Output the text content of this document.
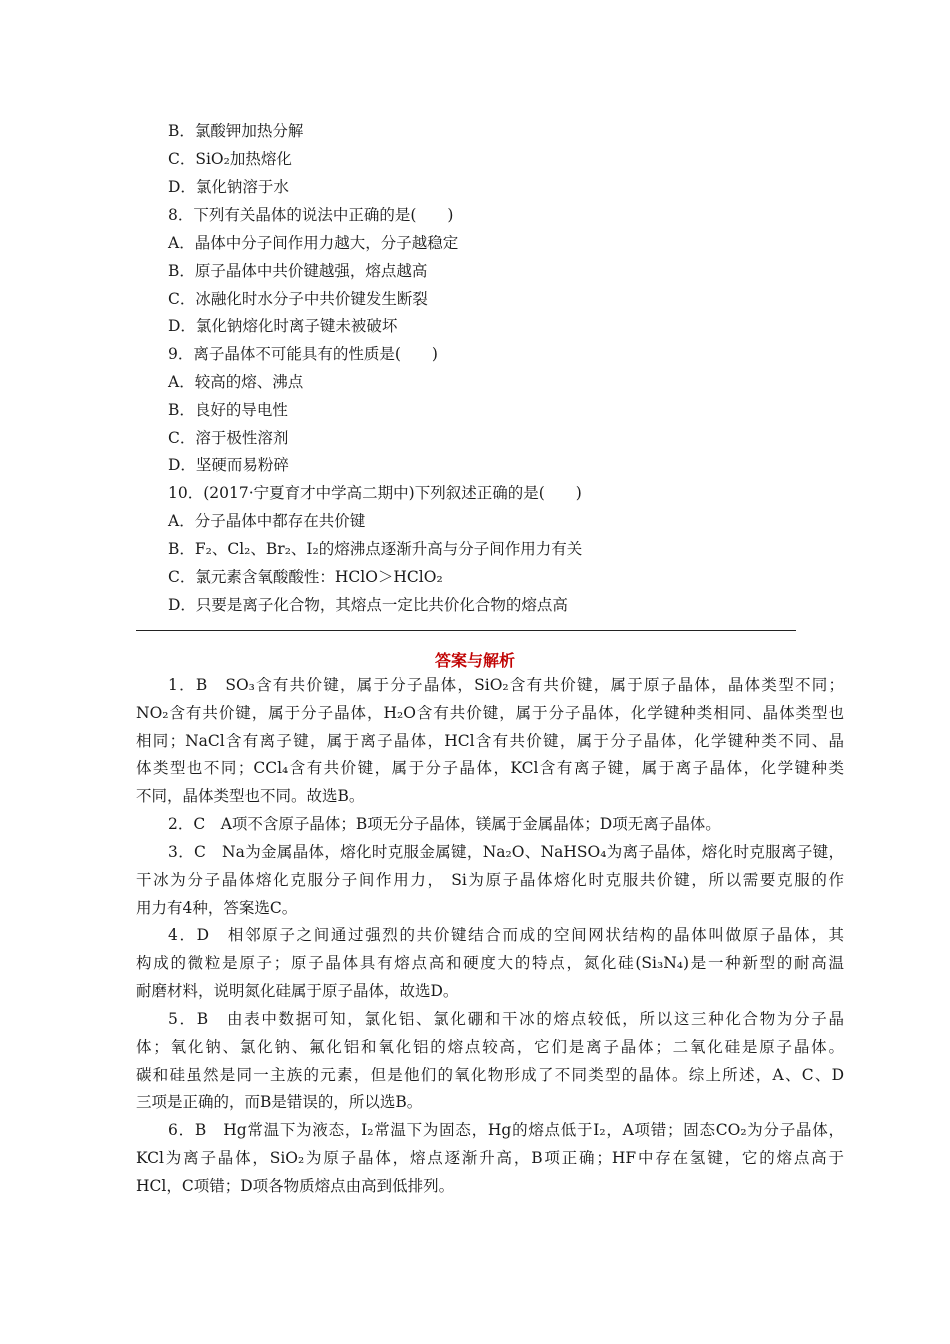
B．氯酸钾加热分解
C．SiO₂加热熔化
D．氯化钠溶于水
8．下列有关晶体的说法中正确的是(　　)
A．晶体中分子间作用力越大，分子越稳定
B．原子晶体中共价键越强，熔点越高
C．冰融化时水分子中共价键发生断裂
D．氯化钠熔化时离子键未被破坏
9．离子晶体不可能具有的性质是(　　)
A．较高的熔、沸点
B．良好的导电性
C．溶于极性溶剂
D．坚硬而易粉碎
10．(2017·宁夏育才中学高二期中)下列叙述正确的是(　　)
A．分子晶体中都存在共价键
B．F₂、Cl₂、Br₂、I₂的熔沸点逐渐升高与分子间作用力有关
C．氯元素含氧酸酸性：HClO＞HClO₂
D．只要是离子化合物，其熔点一定比共价化合物的熔点高
答案与解析
1．B　SO₃含有共价键，属于分子晶体，SiO₂含有共价键，属于原子晶体，晶体类型不同；
NO₂含有共价键，属于分子晶体，H₂O含有共价键，属于分子晶体，化学键种类相同、晶体类型也
相同；NaCl含有离子键，属于离子晶体，HCl含有共价键，属于分子晶体，化学键种类不同、晶
体类型也不同；CCl₄含有共价键，属于分子晶体，KCl含有离子键，属于离子晶体，化学键种类
不同，晶体类型也不同。故选B。
2．C　A项不含原子晶体；B项无分子晶体，镁属于金属晶体；D项无离子晶体。
3．C　Na为金属晶体，熔化时克服金属键，Na₂O、NaHSO₄为离子晶体，熔化时克服离子键，
干冰为分子晶体熔化克服分子间作用力， Si为原子晶体熔化时克服共价键，所以需要克服的作
用力有4种，答案选C。
4．D　相邻原子之间通过强烈的共价键结合而成的空间网状结构的晶体叫做原子晶体，其
构成的微粒是原子；原子晶体具有熔点高和硬度大的特点，氮化硅(Si₃N₄)是一种新型的耐高温
耐磨材料，说明氮化硅属于原子晶体，故选D。
5．B　由表中数据可知，氯化铝、氯化硼和干冰的熔点较低，所以这三种化合物为分子晶
体；氧化钠、氯化钠、氟化铝和氧化铝的熔点较高，它们是离子晶体；二氧化硅是原子晶体。
碳和硅虽然是同一主族的元素，但是他们的氧化物形成了不同类型的晶体。综上所述，A、C、D
三项是正确的，而B是错误的，所以选B。
6．B　Hg常温下为液态，I₂常温下为固态，Hg的熔点低于I₂，A项错；固态CO₂为分子晶体，
KCl为离子晶体，SiO₂为原子晶体，熔点逐渐升高，B项正确；HF中存在氢键，它的熔点高于
HCl，C项错；D项各物质熔点由高到低排列。
